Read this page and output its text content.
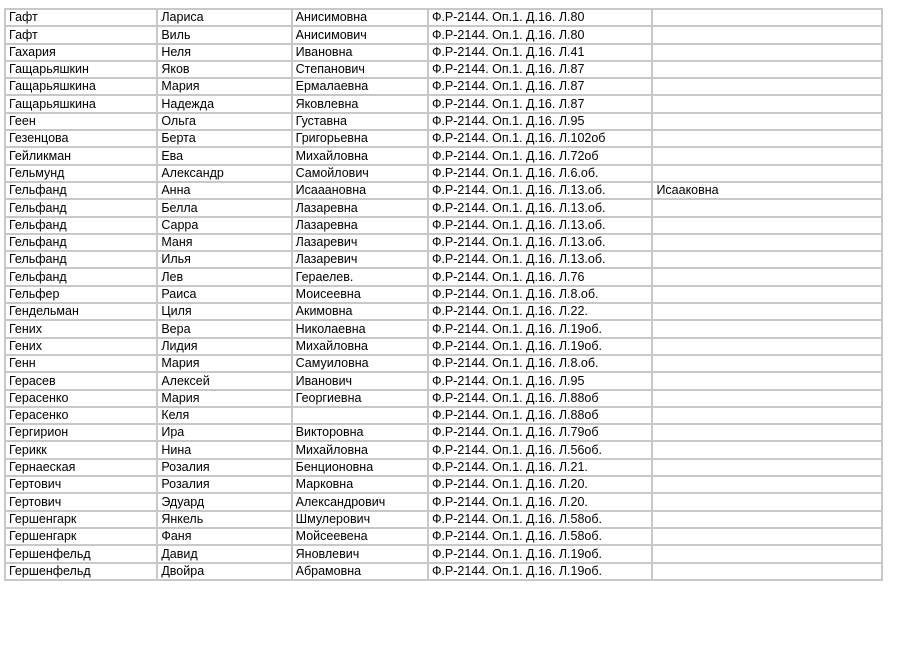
Гафт	Лариса	Анисимовна	Ф.Р-2144. Оп.1. Д.16. Л.80	
Гафт	Виль	Анисимович	Ф.Р-2144. Оп.1. Д.16. Л.80	
Гахария	Неля	Ивановна	Ф.Р-2144. Оп.1. Д.16. Л.41	
Гащарьяшкин	Яков	Степанович	Ф.Р-2144. Оп.1. Д.16. Л.87	
Гащарьяшкина	Мария	Ермалаевна	Ф.Р-2144. Оп.1. Д.16. Л.87	
Гащарьяшкина	Надежда	Яковлевна	Ф.Р-2144. Оп.1. Д.16. Л.87	
Геен	Ольга	Густавна	Ф.Р-2144. Оп.1. Д.16. Л.95	
Гезенцова	Берта	Григорьевна	Ф.Р-2144. Оп.1. Д.16. Л.102об	
Гейликман	Ева	Михайловна	Ф.Р-2144. Оп.1. Д.16. Л.72об	
Гельмунд	Александр	Самойлович	Ф.Р-2144. Оп.1. Д.16. Л.6.об.	
Гельфанд	Анна	Исааановна	Ф.Р-2144. Оп.1. Д.16. Л.13.об.	Исааковна
Гельфанд	Белла	Лазаревна	Ф.Р-2144. Оп.1. Д.16. Л.13.об.	
Гельфанд	Сарра	Лазаревна	Ф.Р-2144. Оп.1. Д.16. Л.13.об.	
Гельфанд	Маня	Лазаревич	Ф.Р-2144. Оп.1. Д.16. Л.13.об.	
Гельфанд	Илья	Лазаревич	Ф.Р-2144. Оп.1. Д.16. Л.13.об.	
Гельфанд	Лев	Гераелев.	Ф.Р-2144. Оп.1. Д.16. Л.76	
Гельфер	Раиса	Моисеевна	Ф.Р-2144. Оп.1. Д.16. Л.8.об.	
Гендельман	Циля	Акимовна	Ф.Р-2144. Оп.1. Д.16. Л.22.	
Гених	Вера	Николаевна	Ф.Р-2144. Оп.1. Д.16. Л.19об.	
Гених	Лидия	Михайловна	Ф.Р-2144. Оп.1. Д.16. Л.19об.	
Генн	Мария	Самуиловна	Ф.Р-2144. Оп.1. Д.16. Л.8.об.	
Герасев	Алексей	Иванович	Ф.Р-2144. Оп.1. Д.16. Л.95	
Герасенко	Мария	Георгиевна	Ф.Р-2144. Оп.1. Д.16. Л.88об	
Герасенко	Келя		Ф.Р-2144. Оп.1. Д.16. Л.88об	
Гергирион	Ира	Викторовна	Ф.Р-2144. Оп.1. Д.16. Л.79об	
Герикк	Нина	Михайловна	Ф.Р-2144. Оп.1. Д.16. Л.56об.	
Гернаеская	Розалия	Бенционовна	Ф.Р-2144. Оп.1. Д.16. Л.21.	
Гертович	Розалия	Марковна	Ф.Р-2144. Оп.1. Д.16. Л.20.	
Гертович	Эдуард	Александрович	Ф.Р-2144. Оп.1. Д.16. Л.20.	
Гершенгарк	Янкель	Шмулерович	Ф.Р-2144. Оп.1. Д.16. Л.58об.	
Гершенгарк	Фаня	Мойсеевена	Ф.Р-2144. Оп.1. Д.16. Л.58об.	
Гершенфельд	Давид	Яновлевич	Ф.Р-2144. Оп.1. Д.16. Л.19об.	
Гершенфельд	Двойра	Абрамовна	Ф.Р-2144. Оп.1. Д.16. Л.19об.	
